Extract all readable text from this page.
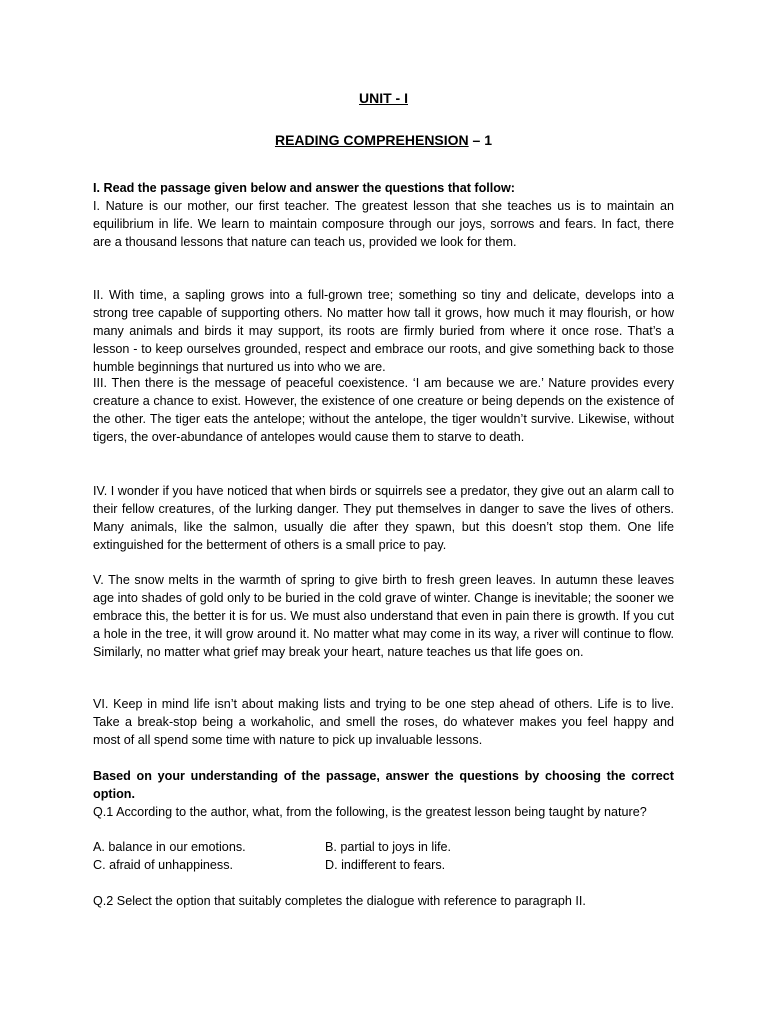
UNIT - I
READING COMPREHENSION – 1

I. Read the passage given below and answer the questions that follow:

I. Nature is our mother, our first teacher. The greatest lesson that she teaches us is to maintain an equilibrium in life. We learn to maintain composure through our joys, sorrows and fears. In fact, there are a thousand lessons that nature can teach us, provided we look for them.

II. With time, a sapling grows into a full-grown tree; something so tiny and delicate, develops into a strong tree capable of supporting others. No matter how tall it grows, how much it may flourish, or how many animals and birds it may support, its roots are firmly buried from where it once rose. That’s a lesson - to keep ourselves grounded, respect and embrace our roots, and give something back to those humble beginnings that nurtured us into who we are.
III. Then there is the message of peaceful coexistence. ‘I am because we are.’ Nature provides every creature a chance to exist. However, the existence of one creature or being depends on the existence of the other. The tiger eats the antelope; without the antelope, the tiger wouldn’t survive. Likewise, without tigers, the over-abundance of antelopes would cause them to starve to death.
IV. I wonder if you have noticed that when birds or squirrels see a predator, they give out an alarm call to their fellow creatures, of the lurking danger. They put themselves in danger to save the lives of others. Many animals, like the salmon, usually die after they spawn, but this doesn’t stop them. One life extinguished for the betterment of others is a small price to pay.
V. The snow melts in the warmth of spring to give birth to fresh green leaves. In autumn these leaves age into shades of gold only to be buried in the cold grave of winter. Change is inevitable; the sooner we embrace this, the better it is for us. We must also understand that even in pain there is growth. If you cut a hole in the tree, it will grow around it. No matter what may come in its way, a river will continue to flow. Similarly, no matter what grief may break your heart, nature teaches us that life goes on.
VI. Keep in mind life isn’t about making lists and trying to be one step ahead of others. Life is to live. Take a break-stop being a workaholic, and smell the roses, do whatever makes you feel happy and most of all spend some time with nature to pick up invaluable lessons.

Based on your understanding of the passage, answer the questions by choosing the correct option.

Q.1 According to the author, what, from the following, is the greatest lesson being taught by nature?

A. balance in our emotions.	B. partial to joys in life.
C. afraid of unhappiness.	D. indifferent to fears.
Q.2 Select the option that suitably completes the dialogue with reference to paragraph II.
